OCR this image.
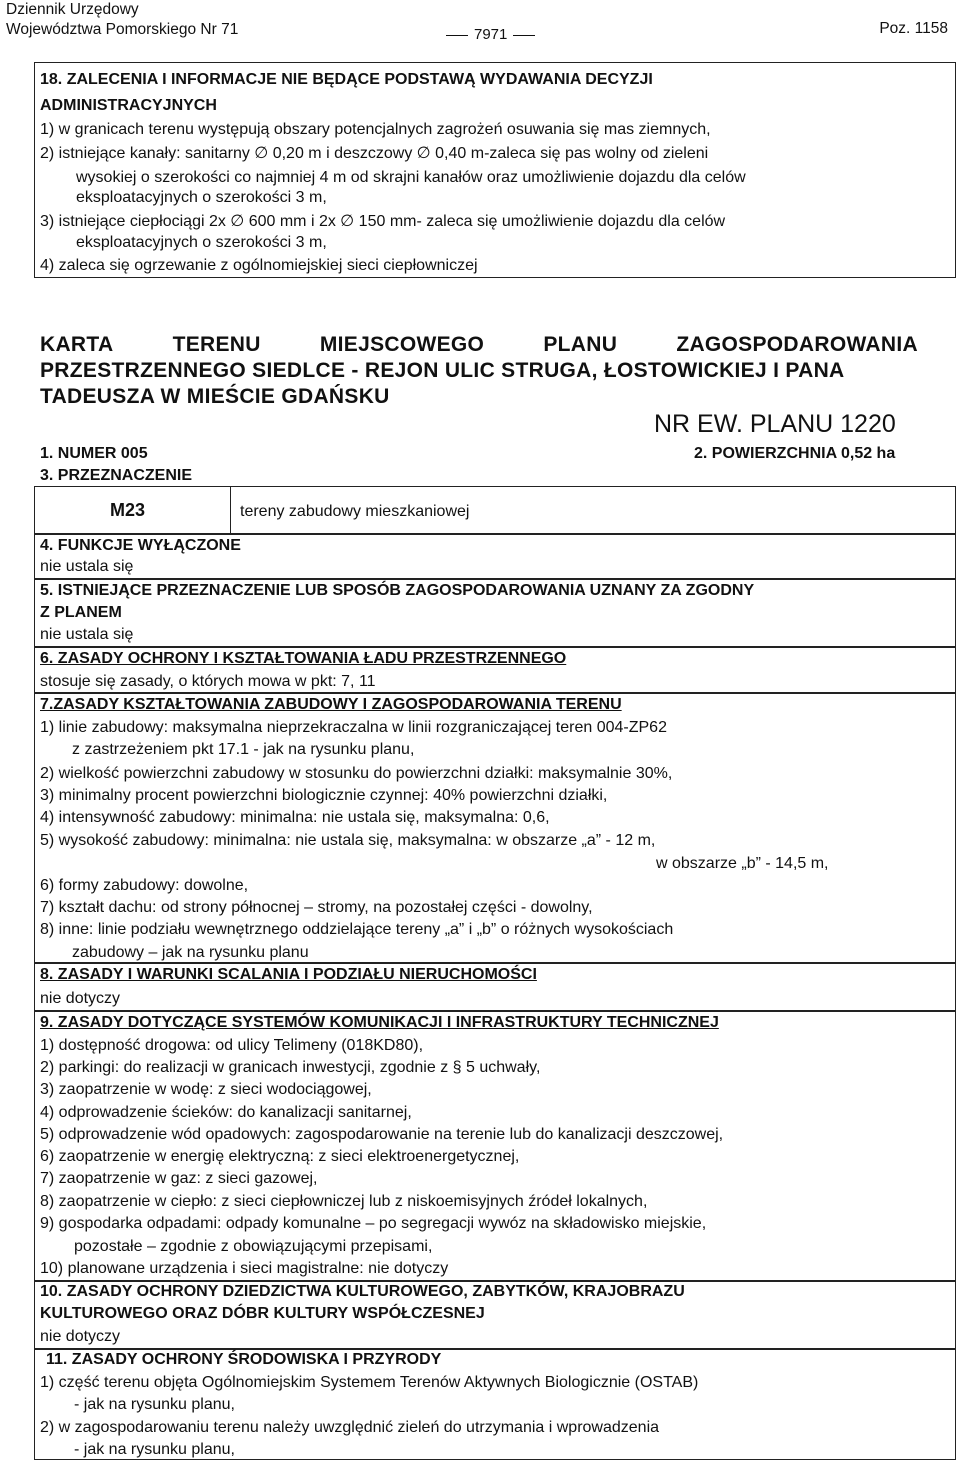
Dziennik Urzędowy
Województwa Pomorskiego Nr 71	7971	Poz. 1158
18. ZALECENIA I INFORMACJE NIE BĘDĄCE PODSTAWĄ WYDAWANIA DECYZJI
ADMINISTRACYJNYCH
1) w granicach terenu występują obszary potencjalnych zagrożeń osuwania się mas ziemnych,
2) istniejące kanały: sanitarny ∅ 0,20 m i deszczowy ∅ 0,40 m-zaleca się pas wolny od zieleni
wysokiej o szerokości co najmniej 4 m od skrajni kanałów oraz umożliwienie dojazdu dla celów
eksploatacyjnych o szerokości 3 m,
3) istniejące ciepłociągi 2x ∅ 600 mm i 2x ∅ 150 mm- zaleca się umożliwienie dojazdu dla celów
eksploatacyjnych o szerokości 3 m,
4) zaleca się ogrzewanie z ogólnomiejskiej sieci ciepłowniczej
KARTA	TERENU	MIEJSCOWEGO	PLANU	ZAGOSPODAROWANIA
PRZESTRZENNEGO SIEDLCE - REJON ULIC STRUGA, ŁOSTOWICKIEJ I PANA
TADEUSZA W MIEŚCIE GDAŃSKU
NR EW. PLANU 1220
1. NUMER 005	2. POWIERZCHNIA 0,52 ha
3. PRZEZNACZENIE
M23	tereny zabudowy mieszkaniowej
4. FUNKCJE WYŁĄCZONE
nie ustala się
5. ISTNIEJĄCE PRZEZNACZENIE LUB SPOSÓB ZAGOSPODAROWANIA UZNANY ZA ZGODNY
Z PLANEM
nie ustala się
6. ZASADY OCHRONY I KSZTAŁTOWANIA ŁADU PRZESTRZENNEGO
stosuje się zasady, o których mowa w pkt: 7, 11
7.ZASADY KSZTAŁTOWANIA ZABUDOWY I ZAGOSPODAROWANIA TERENU
1) linie zabudowy: maksymalna nieprzekraczalna w linii rozgraniczającej teren 004-ZP62
z zastrzeżeniem pkt 17.1 - jak na rysunku planu,
2) wielkość powierzchni zabudowy w stosunku do powierzchni działki: maksymalnie 30%,
3) minimalny procent powierzchni biologicznie czynnej: 40% powierzchni działki,
4) intensywność zabudowy: minimalna: nie ustala się, maksymalna: 0,6,
5) wysokość zabudowy: minimalna: nie ustala się, maksymalna: w obszarze „a” - 12 m,
w obszarze „b” - 14,5 m,
6) formy zabudowy: dowolne,
7) kształt dachu: od strony północnej – stromy, na pozostałej części - dowolny,
8) inne: linie podziału wewnętrznego oddzielające tereny „a” i „b” o różnych wysokościach
zabudowy – jak na rysunku planu
8. ZASADY I WARUNKI SCALANIA I PODZIAŁU NIERUCHOMOŚCI
nie dotyczy
9. ZASADY DOTYCZĄCE SYSTEMÓW KOMUNIKACJI I INFRASTRUKTURY TECHNICZNEJ
1) dostępność drogowa: od ulicy Telimeny (018KD80),
2) parkingi: do realizacji w granicach inwestycji, zgodnie z § 5 uchwały,
3) zaopatrzenie w wodę: z sieci wodociągowej,
4) odprowadzenie ścieków: do kanalizacji sanitarnej,
5) odprowadzenie wód opadowych: zagospodarowanie na terenie lub do kanalizacji deszczowej,
6) zaopatrzenie w energię elektryczną: z sieci elektroenergetycznej,
7) zaopatrzenie w gaz: z sieci gazowej,
8) zaopatrzenie w ciepło: z sieci ciepłowniczej lub z niskoemisyjnych źródeł lokalnych,
9) gospodarka odpadami: odpady komunalne – po segregacji wywóz na składowisko miejskie,
pozostałe – zgodnie z obowiązującymi przepisami,
10) planowane urządzenia i sieci magistralne: nie dotyczy
10. ZASADY OCHRONY DZIEDZICTWA KULTUROWEGO, ZABYTKÓW, KRAJOBRAZU
KULTUROWEGO ORAZ DÓBR KULTURY WSPÓŁCZESNEJ
nie dotyczy
11. ZASADY OCHRONY ŚRODOWISKA I PRZYRODY
1) część terenu objęta Ogólnomiejskim Systemem Terenów Aktywnych Biologicznie (OSTAB)
- jak na rysunku planu,
2) w zagospodarowaniu terenu należy uwzględnić zieleń do utrzymania i wprowadzenia
- jak na rysunku planu,
